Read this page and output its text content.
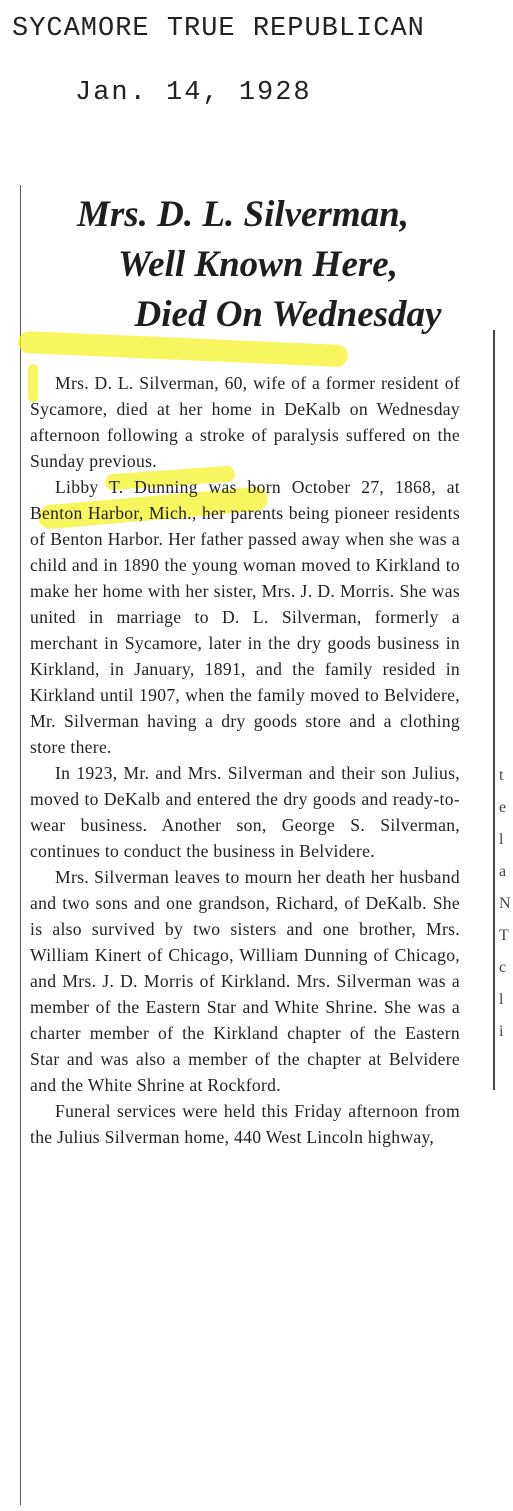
SYCAMORE TRUE REPUBLICAN
Jan. 14, 1928
Mrs. D. L. Silverman,
Well Known Here,
Died On Wednesday

Mrs. D. L. Silverman, 60, wife of a former resident of Sycamore, died at her home in DeKalb on Wednesday afternoon following a stroke of paralysis suffered on the Sunday previous.

Libby T. Dunning was born October 27, 1868, at Benton Harbor, Mich., her parents being pioneer residents of Benton Harbor. Her father passed away when she was a child and in 1890 the young woman moved to Kirkland to make her home with her sister, Mrs. J. D. Morris. She was united in marriage to D. L. Silverman, formerly a merchant in Sycamore, later in the dry goods business in Kirkland, in January, 1891, and the family resided in Kirkland until 1907, when the family moved to Belvidere, Mr. Silverman having a dry goods store and a clothing store there.

In 1923, Mr. and Mrs. Silverman and their son Julius, moved to DeKalb and entered the dry goods and ready-to-wear business. Another son, George S. Silverman, continues to conduct the business in Belvidere.

Mrs. Silverman leaves to mourn her death her husband and two sons and one grandson, Richard, of DeKalb. She is also survived by two sisters and one brother, Mrs. William Kinert of Chicago, William Dunning of Chicago, and Mrs. J. D. Morris of Kirkland. Mrs. Silverman was a member of the Eastern Star and White Shrine. She was a charter member of the Kirkland chapter of the Eastern Star and was also a member of the chapter at Belvidere and the White Shrine at Rockford.

Funeral services were held this Friday afternoon from the Julius Silverman home, 440 West Lincoln highway,

t
e
l
a
N
T
c
l
i
